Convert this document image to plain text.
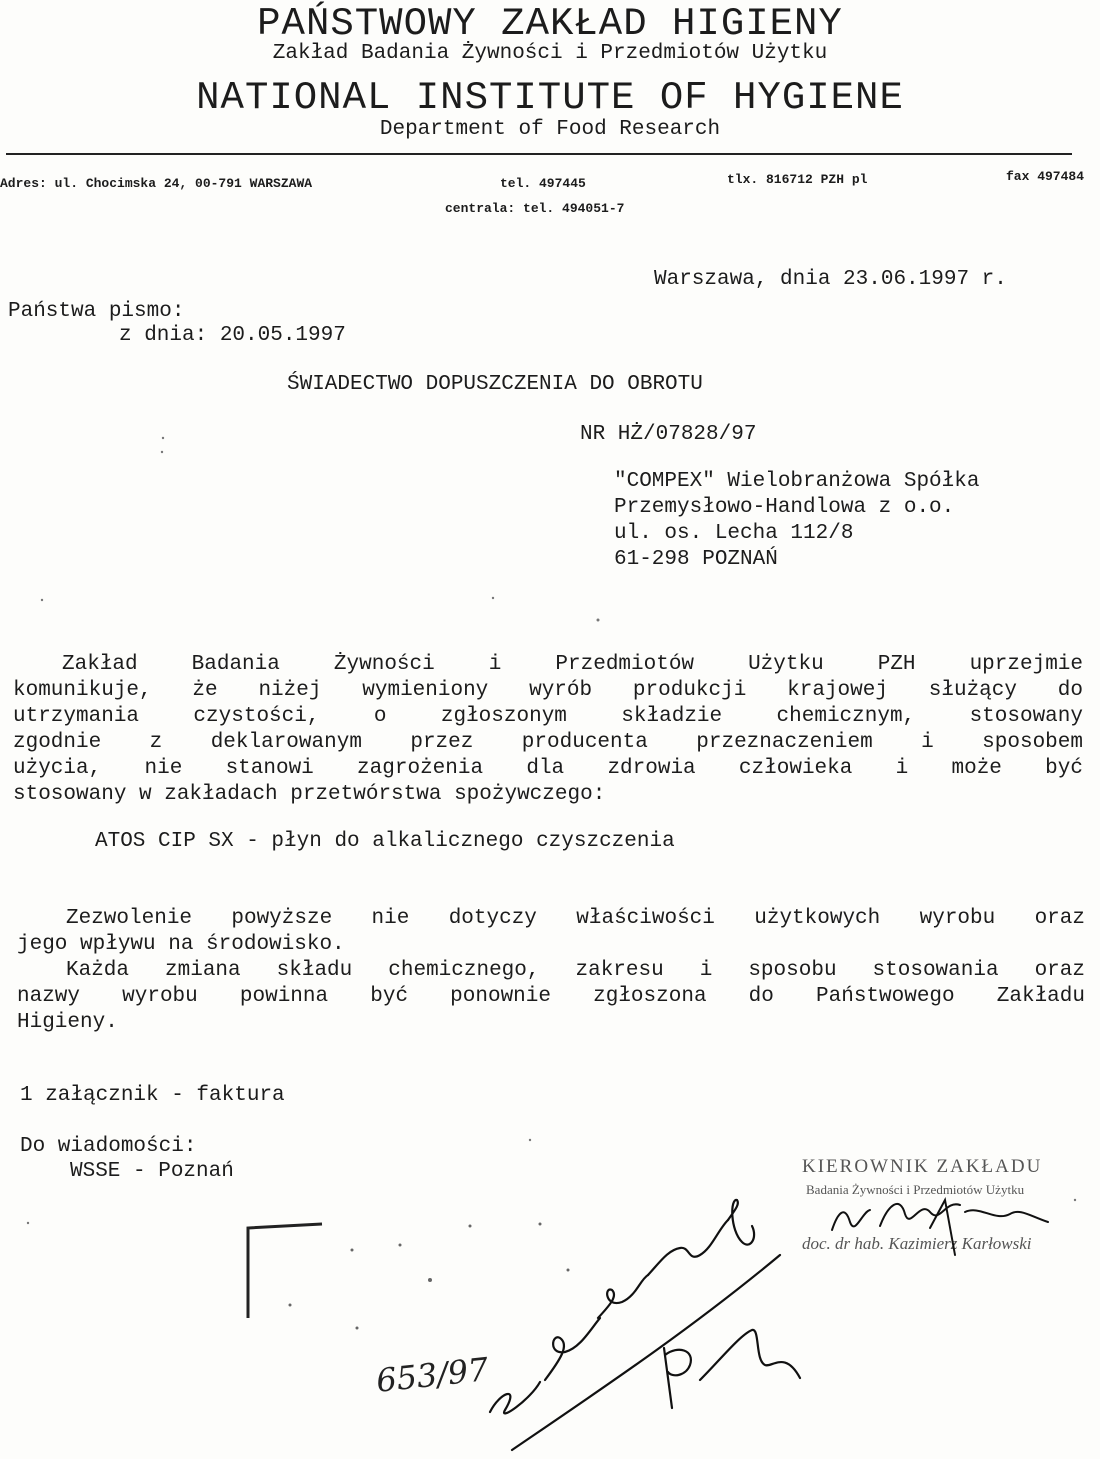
PAŃSTWOWY ZAKŁAD HIGIENY
Zakład Badania Żywności i Przedmiotów Użytku
NATIONAL INSTITUTE OF HYGIENE
Department of Food Research
Adres: ul. Chocimska 24, 00-791 WARSZAWA	tel. 497445	tlx. 816712 PZH pl	fax 497484
centrala: tel. 494051-7
Warszawa, dnia 23.06.1997 r.
Państwa pismo:
z dnia: 20.05.1997
ŚWIADECTWO DOPUSZCZENIA DO OBROTU
NR HŻ/07828/97
"COMPEX" Wielobranżowa Spółka
Przemysłowo-Handlowa z o.o.
ul. os. Lecha 112/8
61-298 POZNAŃ
Zakład Badania Żywności i Przedmiotów Użytku PZH uprzejmie
komunikuje, że niżej wymieniony wyrób produkcji krajowej służący do
utrzymania czystości, o zgłoszonym składzie chemicznym, stosowany
zgodnie z deklarowanym przez producenta przeznaczeniem i sposobem
użycia, nie stanowi zagrożenia dla zdrowia człowieka i może być
stosowany w zakładach przetwórstwa spożywczego:
ATOS CIP SX - płyn do alkalicznego czyszczenia
Zezwolenie powyższe nie dotyczy właściwości użytkowych wyrobu oraz
jego wpływu na środowisko.
Każda zmiana składu chemicznego, zakresu i sposobu stosowania oraz
nazwy wyrobu powinna być ponownie zgłoszona do Państwowego Zakładu
Higieny.
1 załącznik - faktura
Do wiadomości:
WSSE - Poznań	KIEROWNIK ZAKŁADU
Badania Żywności i Przedmiotów Użytku
doc. dr hab. Kazimierz Karłowski
653/97
